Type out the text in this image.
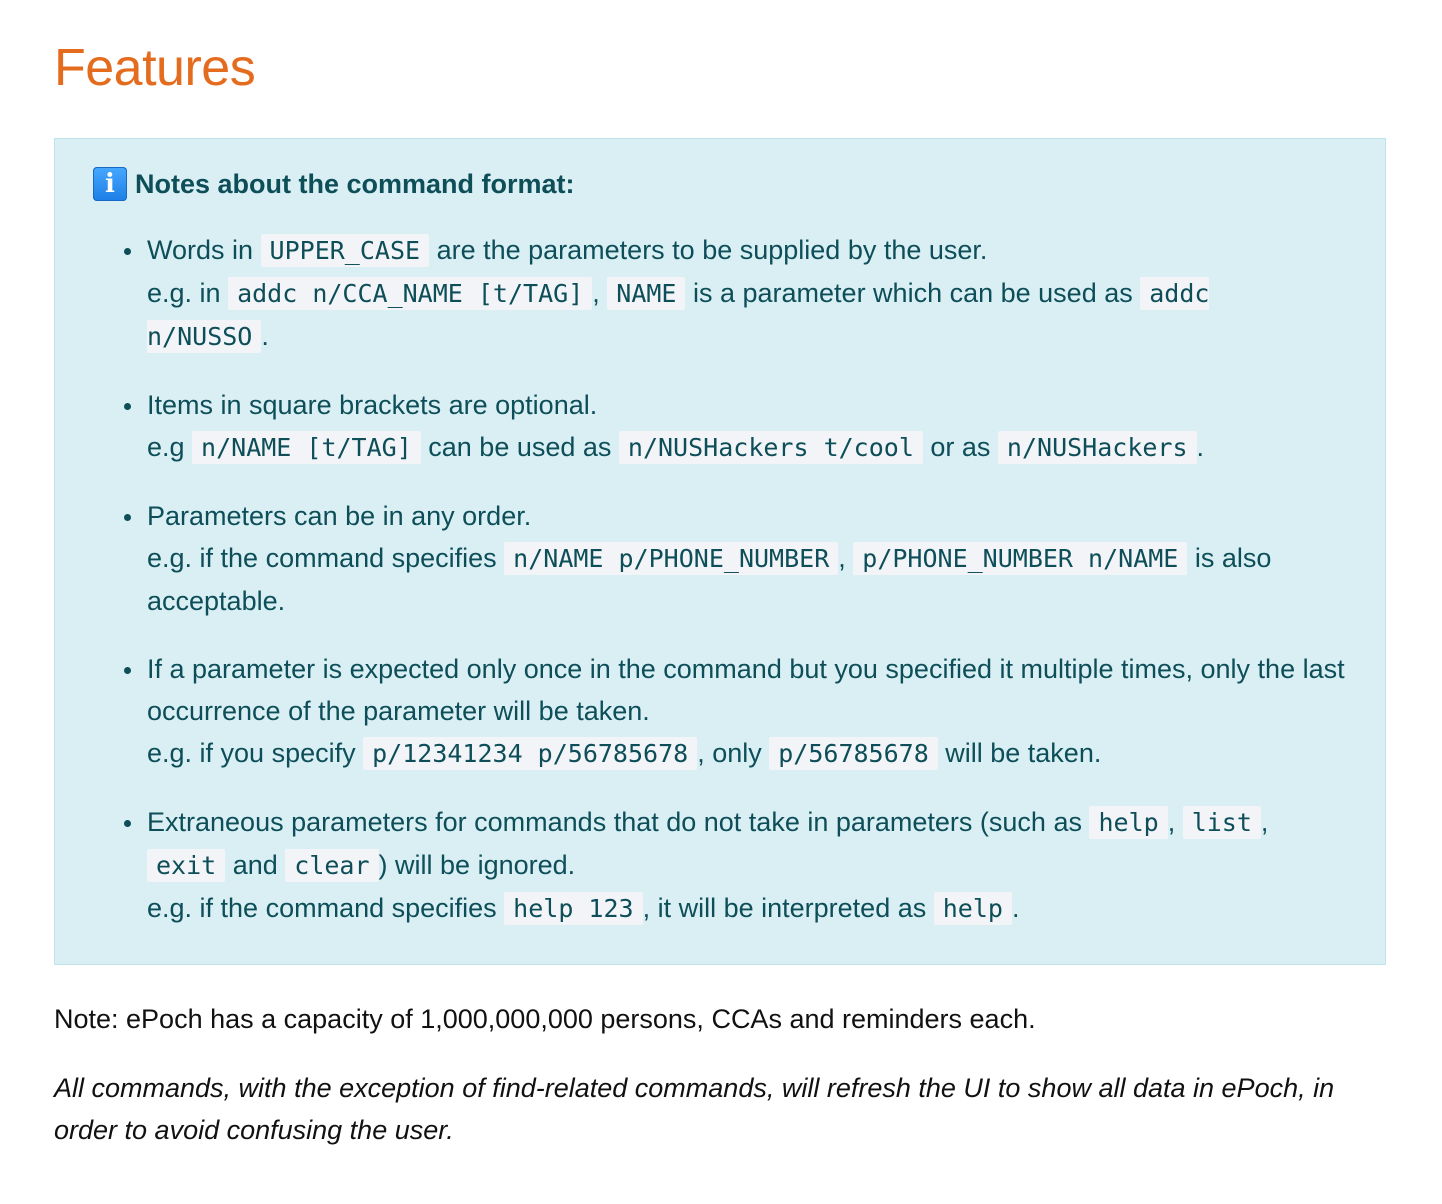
Features
i Notes about the command format:
• Words in UPPER_CASE are the parameters to be supplied by the user.
e.g. in addc n/CCA_NAME [t/TAG] , NAME is a parameter which can be used as addc n/NUSSO .
• Items in square brackets are optional.
e.g n/NAME [t/TAG] can be used as n/NUSHackers t/cool or as n/NUSHackers .
• Parameters can be in any order.
e.g. if the command specifies n/NAME p/PHONE_NUMBER , p/PHONE_NUMBER n/NAME is also acceptable.
• If a parameter is expected only once in the command but you specified it multiple times, only the last occurrence of the parameter will be taken.
e.g. if you specify p/12341234 p/56785678 , only p/56785678 will be taken.
• Extraneous parameters for commands that do not take in parameters (such as help , list , exit and clear ) will be ignored.
e.g. if the command specifies help 123 , it will be interpreted as help .

Note: ePoch has a capacity of 1,000,000,000 persons, CCAs and reminders each.

All commands, with the exception of find-related commands, will refresh the UI to show all data in ePoch, in order to avoid confusing the user.
